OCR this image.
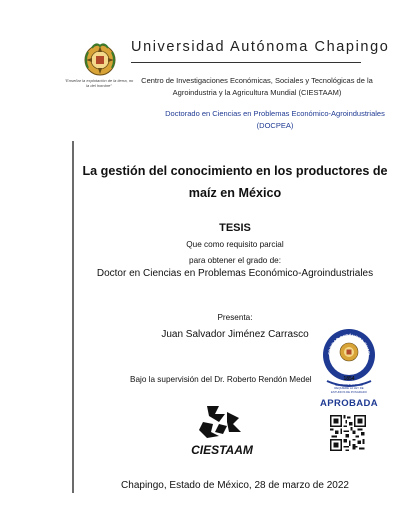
"Enseñar la explotación de la tierra, no la del hombre"
Universidad Autónoma Chapingo
Centro de Investigaciones Económicas, Sociales y Tecnológicas de la
Agroindustria y la Agricultura Mundial (CIESTAAM)
Doctorado en Ciencias en Problemas Económico-Agroindustriales
(DOCPEA)
La gestión del conocimiento en los productores de
maíz en México
TESIS
Que como requisito parcial
para obtener el grado de:
Doctor en Ciencias en Problemas Económico-Agroindustriales
Presenta:
Juan Salvador Jiménez Carrasco
Bajo la supervisión del Dr. Roberto Rendón Medel
ERSIDAD AUTÓNOMA CHAPI
1854
CONFORME CON LO REQUIERE LA LEY DE ESTUDIOS DE POSGRADO
APROBADA
CIESTAAM
Chapingo, Estado de México, 28 de marzo de 2022
